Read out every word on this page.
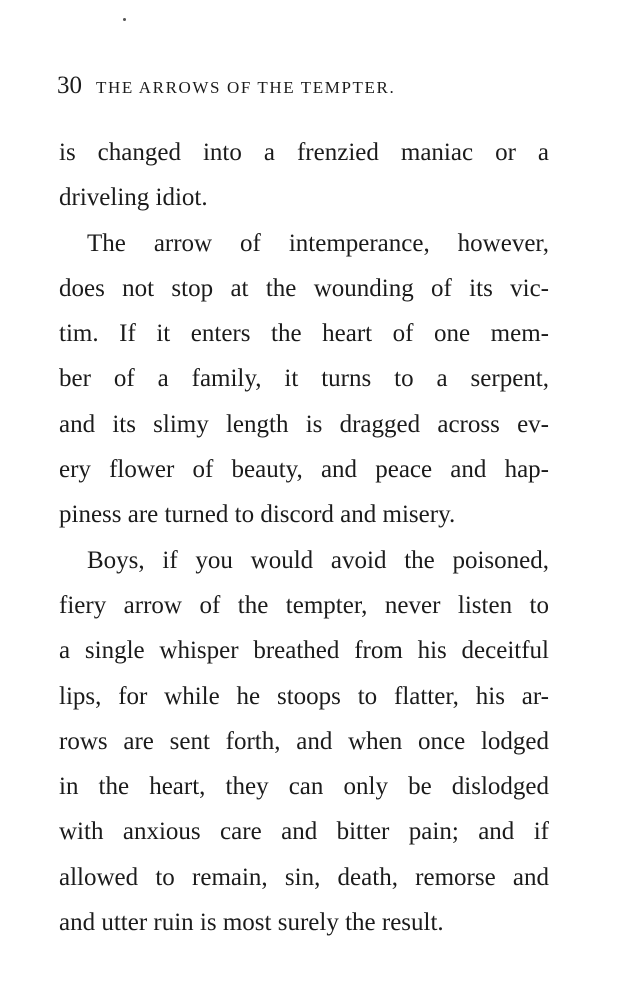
30 THE ARROWS OF THE TEMPTER.
is changed into a frenzied maniac or a
driveling idiot.
The arrow of intemperance, however,
does not stop at the wounding of its vic-
tim. If it enters the heart of one mem-
ber of a family, it turns to a serpent,
and its slimy length is dragged across ev-
ery flower of beauty, and peace and hap-
piness are turned to discord and misery.
Boys, if you would avoid the poisoned,
fiery arrow of the tempter, never listen to
a single whisper breathed from his deceitful
lips, for while he stoops to flatter, his ar-
rows are sent forth, and when once lodged
in the heart, they can only be dislodged
with anxious care and bitter pain; and if
allowed to remain, sin, death, remorse and
and utter ruin is most surely the result.
